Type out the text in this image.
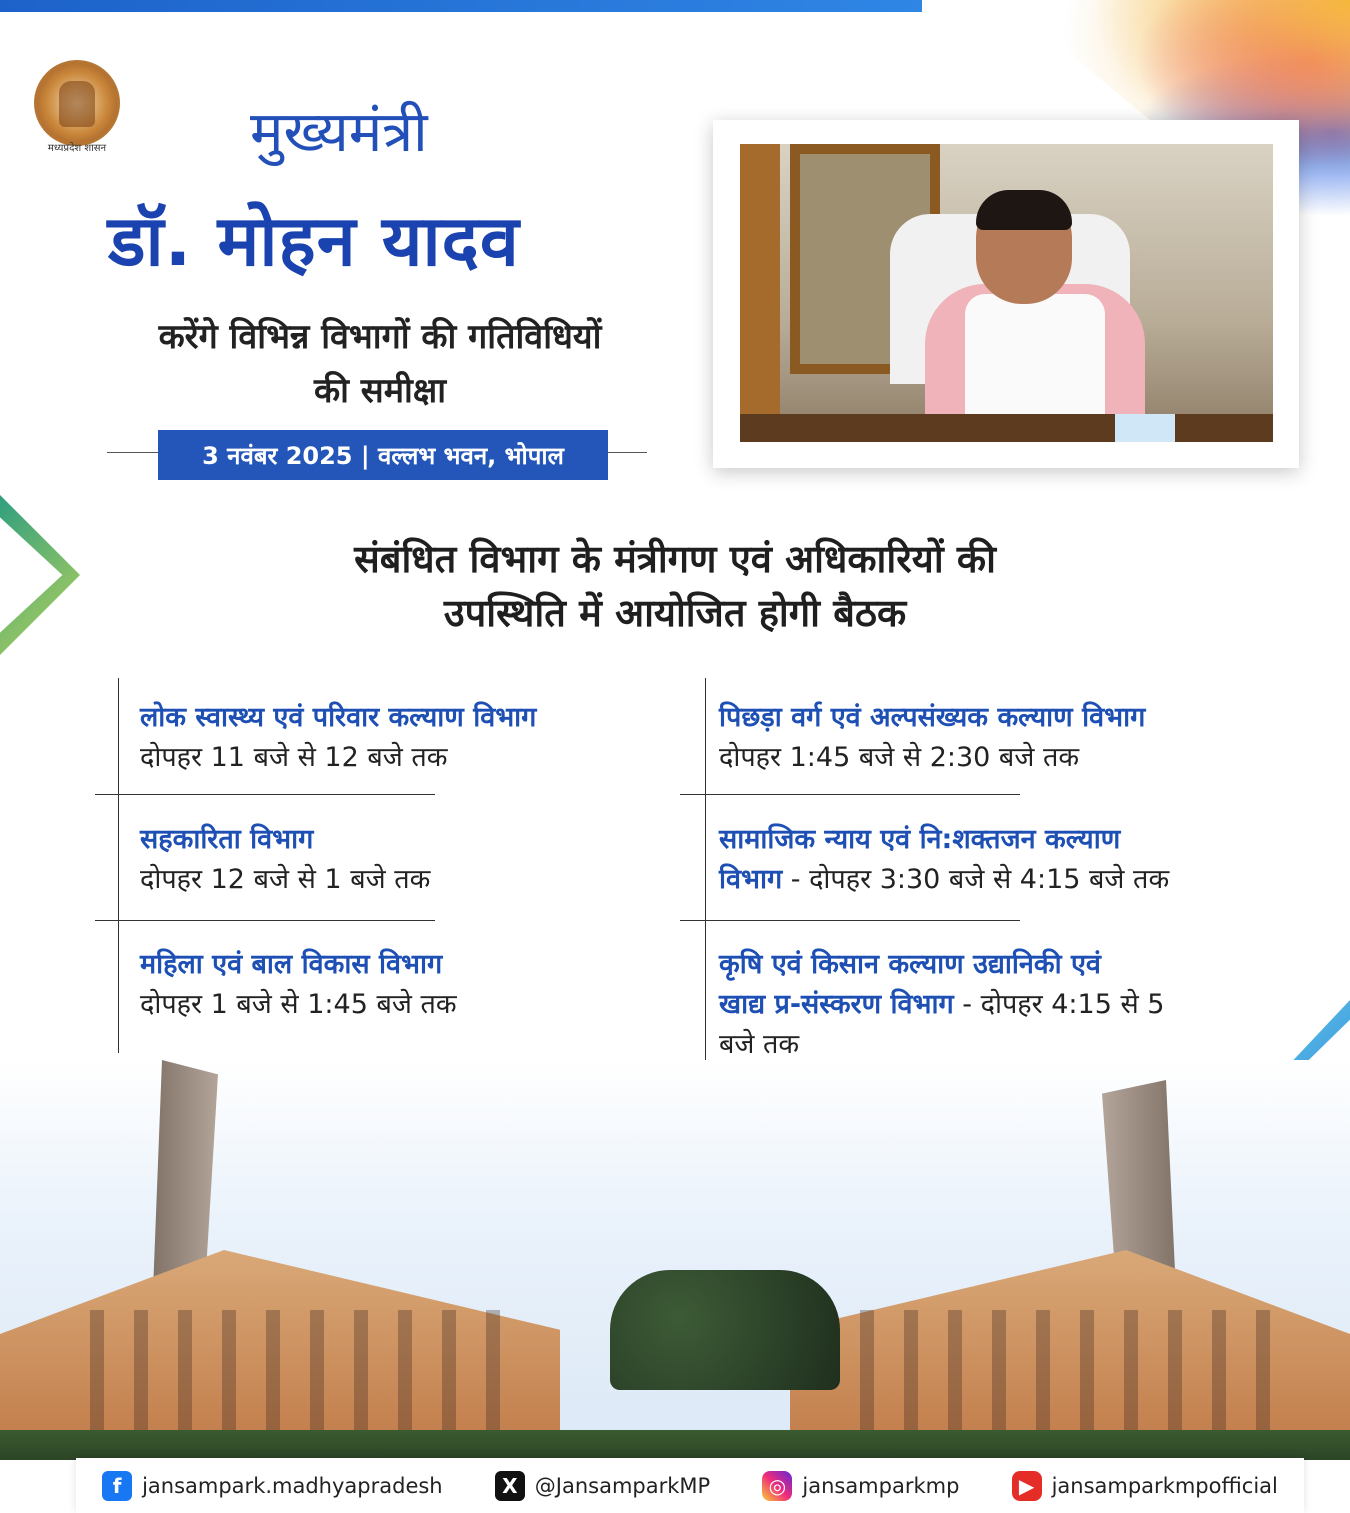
मध्यप्रदेश शासन	मुख्यमंत्री
डॉ. मोहन यादव
करेंगे विभिन्न विभागों की गतिविधियों
की समीक्षा
3 नवंबर 2025 | वल्लभ भवन, भोपाल
संबंधित विभाग के मंत्रीगण एवं अधिकारियों की
उपस्थिति में आयोजित होगी बैठक
लोक स्वास्थ्य एवं परिवार कल्याण विभाग
दोपहर 11 बजे से 12 बजे तक
सहकारिता विभाग
दोपहर 12 बजे से 1 बजे तक
महिला एवं बाल विकास विभाग
दोपहर 1 बजे से 1:45 बजे तक
पिछड़ा वर्ग एवं अल्पसंख्यक कल्याण विभाग
दोपहर 1:45 बजे से 2:30 बजे तक
सामाजिक न्याय एवं नि:शक्तजन कल्याण
विभाग - दोपहर 3:30 बजे से 4:15 बजे तक
कृषि एवं किसान कल्याण उद्यानिकी एवं
खाद्य प्र-संस्करण विभाग - दोपहर 4:15 से 5
बजे तक
f jansampark.madhyapradesh	X @JansamparkMP	◎ jansamparkmp	▶ jansamparkmpofficial
